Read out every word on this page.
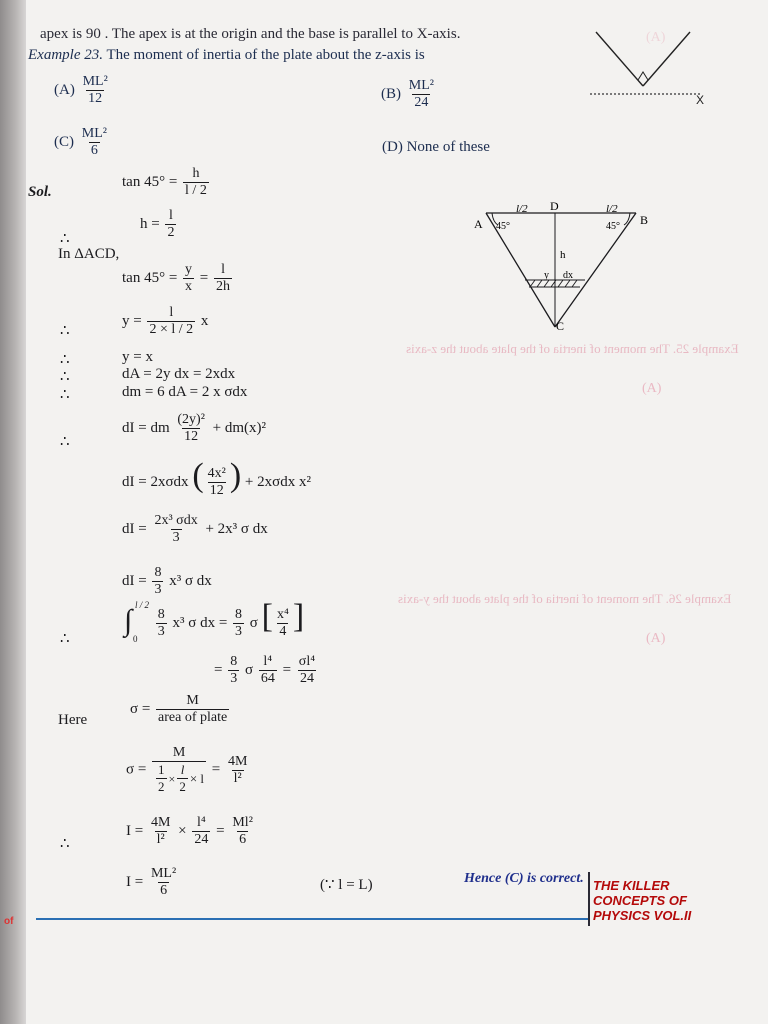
of
apex is 90 . The apex is at the origin and the base is parallel to X-axis.
Example 23. The moment of inertia of the plate about the z-axis is
$(A) \frac{\text{ML²}}{12}$	$(B) \frac{\text{ML²}}{24}$
$(C) \frac{\text{ML²}}{6}$	(D) None of these
X
Sol.
$\tan 45^\circ = \frac{h}{l / 2}$
∴
$h = \frac{l}{2}$
In ΔACD,
$\tan 45^\circ = \frac{y}{x} = \frac{l}{2h}$
∴
$y = \frac{l}{2 \times l / 2}$ x
∴	y = x
∴	dA = 2y dx = 2xdx
∴	dm = 6 dA = 2 x σdx
∴
dI = dm $\frac{\text{(2y)²}}{12} + dm(x)^2$
dI = 2xσdx ( $\frac{\text{4x²}}{12}$ ) + 2xσdx x²
dI = $\frac{\text{2x³ σdx}}{3} + 2x^3$ σ dx
dI = $\frac{8}{3} x^3$ σ dx
∴
∫ l / 2
0
$\frac{8}{3} x^3$ σ dx = $\frac{8}{3}$ σ [ $\frac{\text{x⁴}}{4}$ ]
= $\frac{8}{3}$ σ $\frac{\text{l⁴}}{64} = \frac{\text{σl⁴}}{24}$
Here
$\sigma = \frac{M}{\text{area of plate}}$
$\sigma = \frac{M}{\frac{1}{2} \times \frac{l}{2} \times l} = \frac{4M}{\text{l²}}$
∴
$I = \frac{4M}{\text{l²}} \times \frac{\text{l⁴}}{24} = \frac{\text{Ml²}}{6}$
$I = \frac{\text{ML²}}{6}$	(∵ l = L)	Hence (C) is correct. THE KILLER
CONCEPTS OF
PHYSICS VOL.II
Example 25. The moment of inertia of the plate about the z-axis
(A)
Example 26. The moment of inertia of the plate about the y-axis
(A)
(A)
A	B
C
D
45°	45°
l/2	l/2
h
y dx
